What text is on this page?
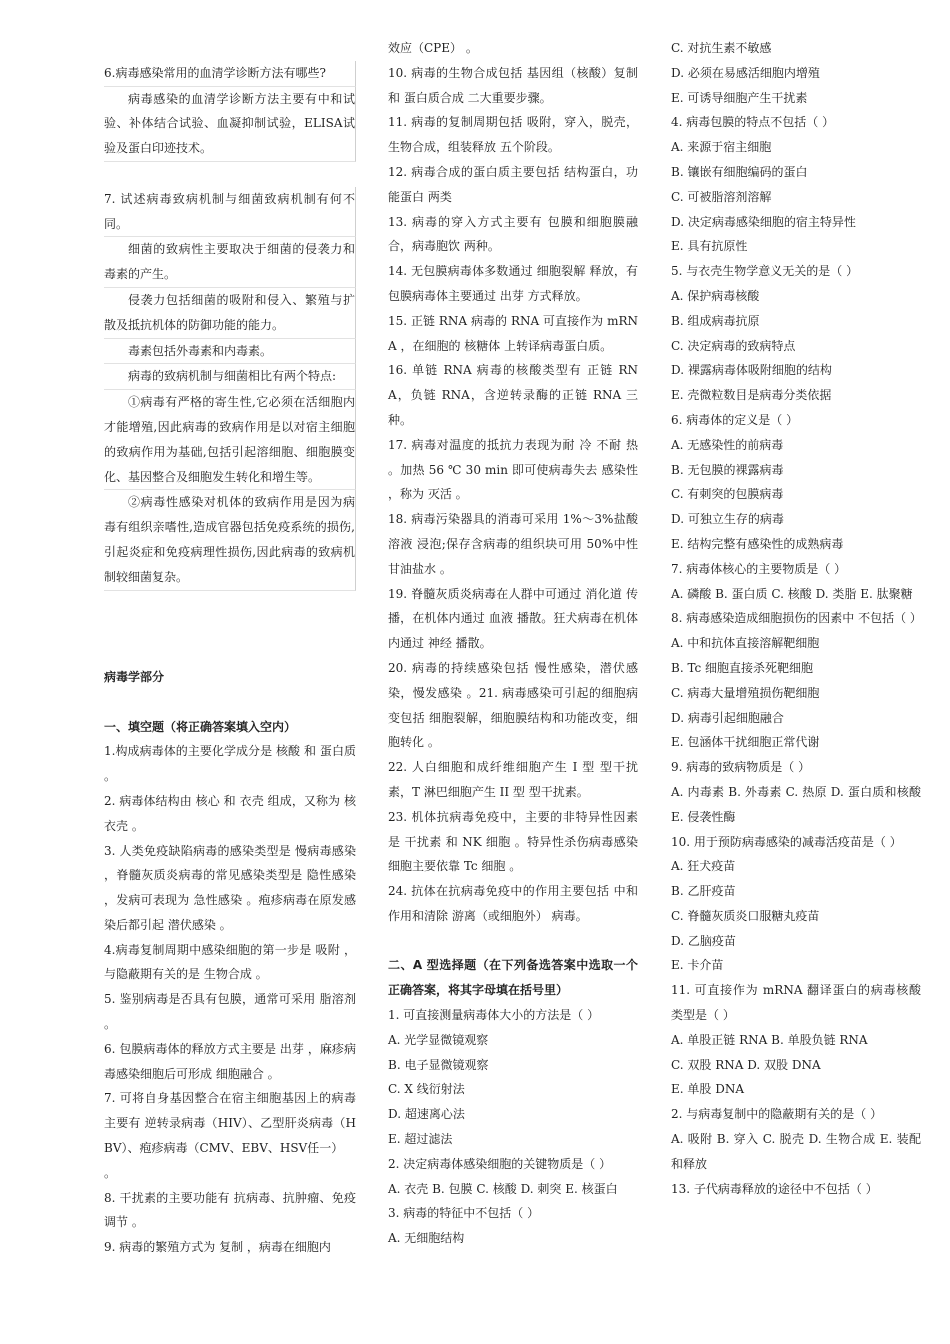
6.病毒感染常用的血清学诊断方法有哪些?
病毒感染的血清学诊断方法主要有中和试验、补体结合试验、血凝抑制试验，ELISA试验及蛋白印迹技术。
7. 试述病毒致病机制与细菌致病机制有何不同。
细菌的致病性主要取决于细菌的侵袭力和毒素的产生。
侵袭力包括细菌的吸附和侵入、繁殖与扩散及抵抗机体的防御功能的能力。
毒素包括外毒素和内毒素。
病毒的致病机制与细菌相比有两个特点:
①病毒有严格的寄生性,它必须在活细胞内才能增殖,因此病毒的致病作用是以对宿主细胞的致病作用为基础,包括引起溶细胞、细胞膜变化、基因整合及细胞发生转化和增生等。
②病毒性感染对机体的致病作用是因为病毒有组织亲嗜性,造成官器包括免疫系统的损伤,引起炎症和免疫病理性损伤,因此病毒的致病机制较细菌复杂。
病毒学部分
一、填空题（将正确答案填入空内）
1.构成病毒体的主要化学成分是 核酸 和 蛋白质 。
2. 病毒体结构由 核心 和 衣壳 组成，又称为 核衣壳 。
3. 人类免疫缺陷病毒的感染类型是 慢病毒感染 ，脊髓灰质炎病毒的常见感染类型是 隐性感染 ，发病可表现为 急性感染 。疱疹病毒在原发感染后都引起 潜伏感染 。
4.病毒复制周期中感染细胞的第一步是 吸附 ，与隐蔽期有关的是 生物合成 。
5. 鉴别病毒是否具有包膜，通常可采用 脂溶剂 。
6. 包膜病毒体的释放方式主要是 出芽 ，麻疹病毒感染细胞后可形成 细胞融合 。
7. 可将自身基因整合在宿主细胞基因上的病毒主要有 逆转录病毒（HIV）、乙型肝炎病毒（HBV）、疱疹病毒（CMV、EBV、HSV任一）
。
8. 干扰素的主要功能有 抗病毒、抗肿瘤、免疫调节 。
9. 病毒的繁殖方式为 复制 ，病毒在细胞内
效应（CPE） 。
10. 病毒的生物合成包括 基因组（核酸）复制 和 蛋白质合成 二大重要步骤。
11. 病毒的复制周期包括 吸附，穿入，脱壳，生物合成，组装释放 五个阶段。
12. 病毒合成的蛋白质主要包括 结构蛋白，功能蛋白 两类
13. 病毒的穿入方式主要有 包膜和细胞膜融合，病毒胞饮 两种。
14. 无包膜病毒体多数通过 细胞裂解 释放，有包膜病毒体主要通过 出芽 方式释放。
15. 正链 RNA 病毒的 RNA 可直接作为 mRNA ，在细胞的 核糖体 上转译病毒蛋白质。
16. 单链 RNA 病毒的核酸类型有 正链 RNA，负链 RNA，含逆转录酶的正链 RNA 三种。
17. 病毒对温度的抵抗力表现为耐 冷 不耐 热 。加热 56 ℃ 30 min 即可使病毒失去 感染性 ，称为 灭活 。
18. 病毒污染器具的消毒可采用 1%～3%盐酸溶液 浸泡;保存含病毒的组织块可用 50%中性甘油盐水 。
19. 脊髓灰质炎病毒在人群中可通过 消化道 传播，在机体内通过 血液 播散。狂犬病毒在机体内通过 神经 播散。
20. 病毒的持续感染包括 慢性感染，潜伏感染，慢发感染 。21. 病毒感染可引起的细胞病变包括 细胞裂解，细胞膜结构和功能改变，细胞转化 。
22. 人白细胞和成纤维细胞产生 I 型 型干扰素，T 淋巴细胞产生 II 型 型干扰素。
23. 机体抗病毒免疫中，主要的非特异性因素是 干扰素 和 NK 细胞 。特异性杀伤病毒感染细胞主要依靠 Tc 细胞 。
24. 抗体在抗病毒免疫中的作用主要包括 中和 作用和清除 游离（或细胞外） 病毒。
二、A 型选择题（在下列备选答案中选取一个正确答案，将其字母填在括号里）
1. 可直接测量病毒体大小的方法是（ ）
A. 光学显微镜观察
B. 电子显微镜观察
C. X 线衍射法
D. 超速离心法
E. 超过滤法
2. 决定病毒体感染细胞的关键物质是（ ）
A. 衣壳 B. 包膜 C. 核酸 D. 刺突 E. 核蛋白
3. 病毒的特征中不包括（ ）
A. 无细胞结构
C. 对抗生素不敏感
D. 必须在易感活细胞内增殖
E. 可诱导细胞产生干扰素
4. 病毒包膜的特点不包括（ ）
A. 来源于宿主细胞
B. 镶嵌有细胞编码的蛋白
C. 可被脂溶剂溶解
D. 决定病毒感染细胞的宿主特异性
E. 具有抗原性
5. 与衣壳生物学意义无关的是（ ）
A. 保护病毒核酸
B. 组成病毒抗原
C. 决定病毒的致病特点
D. 裸露病毒体吸附细胞的结构
E. 壳微粒数目是病毒分类依据
6. 病毒体的定义是（ ）
A. 无感染性的前病毒
B. 无包膜的裸露病毒
C. 有刺突的包膜病毒
D. 可独立生存的病毒
E. 结构完整有感染性的成熟病毒
7. 病毒体核心的主要物质是（ ）
A. 磷酸 B. 蛋白质 C. 核酸 D. 类脂 E. 肽聚糖
8. 病毒感染造成细胞损伤的因素中 不包括（ ）
A. 中和抗体直接溶解靶细胞
B. Tc 细胞直接杀死靶细胞
C. 病毒大量增殖损伤靶细胞
D. 病毒引起细胞融合
E. 包涵体干扰细胞正常代谢
9. 病毒的致病物质是（ ）
A. 内毒素 B. 外毒素 C. 热原 D. 蛋白质和核酸 E. 侵袭性酶
10. 用于预防病毒感染的减毒活疫苗是（ ）
A. 狂犬疫苗
B. 乙肝疫苗
C. 脊髓灰质炎口服糖丸疫苗
D. 乙脑疫苗
E. 卡介苗
11. 可直接作为 mRNA 翻译蛋白的病毒核酸类型是（ ）
A. 单股正链 RNA B. 单股负链 RNA
C. 双股 RNA D. 双股 DNA
E. 单股 DNA
2. 与病毒复制中的隐蔽期有关的是（ ）
A. 吸附 B. 穿入 C. 脱壳 D. 生物合成 E. 装配和释放
13. 子代病毒释放的途径中不包括（ ）
